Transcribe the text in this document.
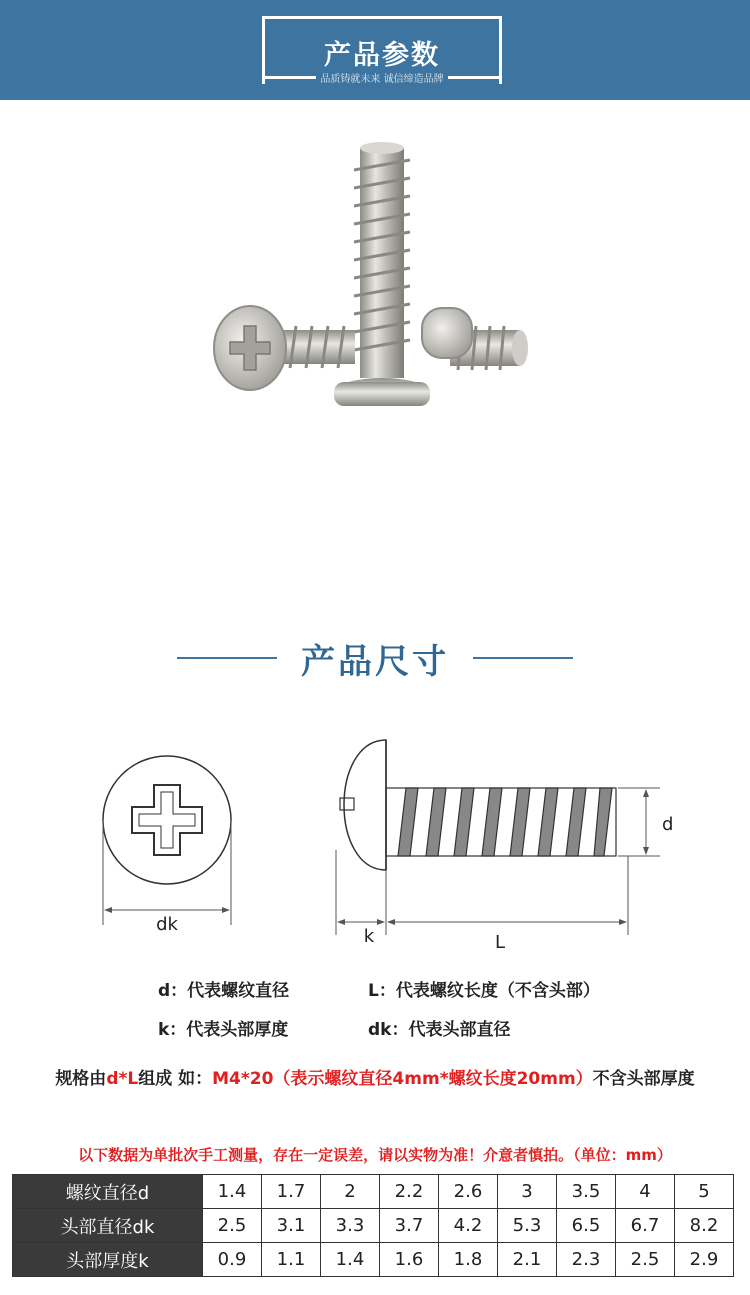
产品参数
品质铸就未来 诚信缔造品牌
产品尺寸
dk
d
k	L
d：代表螺纹直径	L：代表螺纹长度（不含头部）
k：代表头部厚度	dk：代表头部直径
规格由d*L组成 如：M4*20（表示螺纹直径4mm*螺纹长度20mm）不含头部厚度
以下数据为单批次手工测量，存在一定误差，请以实物为准！介意者慎拍。（单位：mm）
螺纹直径d	1.4	1.7	2	2.2	2.6	3	3.5	4	5
头部直径dk	2.5	3.1	3.3	3.7	4.2	5.3	6.5	6.7	8.2
头部厚度k	0.9	1.1	1.4	1.6	1.8	2.1	2.3	2.5	2.9
